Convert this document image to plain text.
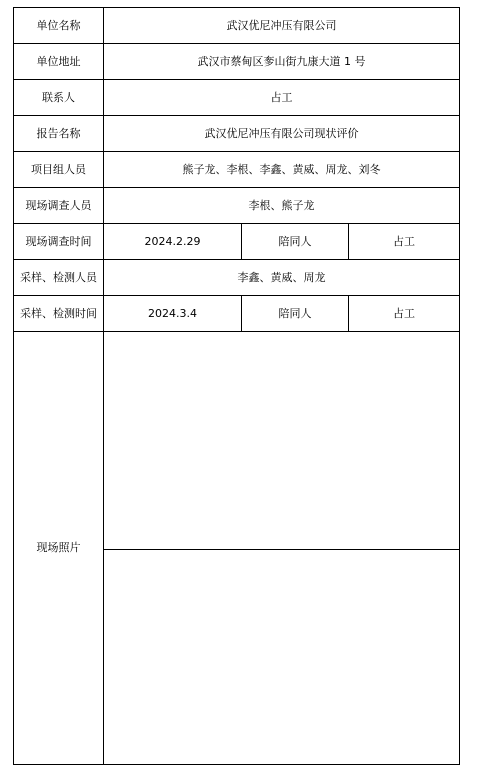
单位名称	武汉优尼冲压有限公司		
单位地址	武汉市蔡甸区奓山街九康大道 1 号		
联系人	占工		
报告名称	武汉优尼冲压有限公司现状评价		
项目组人员	熊子龙、李根、李鑫、黄威、周龙、刘冬		
现场调查人员	李根、熊子龙		
现场调查时间	2024.2.29	陪同人	占工
采样、检测人员	李鑫、黄威、周龙		
采样、检测时间	2024.3.4	陪同人	占工
现场照片			
